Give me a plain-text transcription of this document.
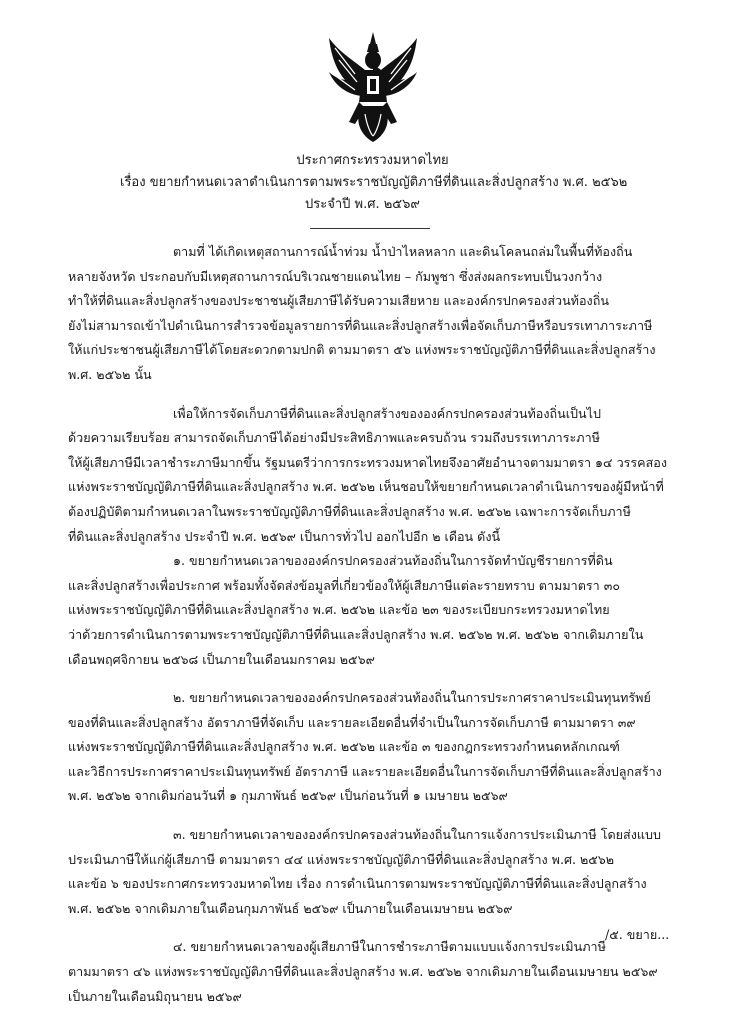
ประกาศกระทรวงมหาดไทย
เรื่อง ขยายกำหนดเวลาดำเนินการตามพระราชบัญญัติภาษีที่ดินและสิ่งปลูกสร้าง พ.ศ. ๒๕๖๒
ประจำปี พ.ศ. ๒๕๖๙

ตามที่ ได้เกิดเหตุสถานการณ์น้ำท่วม น้ำป่าไหลหลาก และดินโคลนถล่มในพื้นที่ท้องถิ่น

หลายจังหวัด ประกอบกับมีเหตุสถานการณ์บริเวณชายแดนไทย – กัมพูชา ซึ่งส่งผลกระทบเป็นวงกว้าง

ทำให้ที่ดินและสิ่งปลูกสร้างของประชาชนผู้เสียภาษีได้รับความเสียหาย และองค์กรปกครองส่วนท้องถิ่น

ยังไม่สามารถเข้าไปดำเนินการสำรวจข้อมูลรายการที่ดินและสิ่งปลูกสร้างเพื่อจัดเก็บภาษีหรือบรรเทาภาระภาษี

ให้แก่ประชาชนผู้เสียภาษีได้โดยสะดวกตามปกติ ตามมาตรา ๕๖ แห่งพระราชบัญญัติภาษีที่ดินและสิ่งปลูกสร้าง

พ.ศ. ๒๕๖๒ นั้น

เพื่อให้การจัดเก็บภาษีที่ดินและสิ่งปลูกสร้างขององค์กรปกครองส่วนท้องถิ่นเป็นไป

ด้วยความเรียบร้อย สามารถจัดเก็บภาษีได้อย่างมีประสิทธิภาพและครบถ้วน รวมถึงบรรเทาภาระภาษี

ให้ผู้เสียภาษีมีเวลาชำระภาษีมากขึ้น รัฐมนตรีว่าการกระทรวงมหาดไทยจึงอาศัยอำนาจตามมาตรา ๑๔ วรรคสอง

แห่งพระราชบัญญัติภาษีที่ดินและสิ่งปลูกสร้าง พ.ศ. ๒๕๖๒ เห็นชอบให้ขยายกำหนดเวลาดำเนินการของผู้มีหน้าที่

ต้องปฏิบัติตามกำหนดเวลาในพระราชบัญญัติภาษีที่ดินและสิ่งปลูกสร้าง พ.ศ. ๒๕๖๒ เฉพาะการจัดเก็บภาษี

ที่ดินและสิ่งปลูกสร้าง ประจำปี พ.ศ. ๒๕๖๙ เป็นการทั่วไป ออกไปอีก ๒ เดือน ดังนี้

๑. ขยายกำหนดเวลาขององค์กรปกครองส่วนท้องถิ่นในการจัดทำบัญชีรายการที่ดิน

และสิ่งปลูกสร้างเพื่อประกาศ พร้อมทั้งจัดส่งข้อมูลที่เกี่ยวข้องให้ผู้เสียภาษีแต่ละรายทราบ ตามมาตรา ๓๐

แห่งพระราชบัญญัติภาษีที่ดินและสิ่งปลูกสร้าง พ.ศ. ๒๕๖๒ และข้อ ๒๓ ของระเบียบกระทรวงมหาดไทย

ว่าด้วยการดำเนินการตามพระราชบัญญัติภาษีที่ดินและสิ่งปลูกสร้าง พ.ศ. ๒๕๖๒ พ.ศ. ๒๕๖๒ จากเดิมภายใน

เดือนพฤศจิกายน ๒๕๖๘ เป็นภายในเดือนมกราคม ๒๕๖๙

๒. ขยายกำหนดเวลาขององค์กรปกครองส่วนท้องถิ่นในการประกาศราคาประเมินทุนทรัพย์

ของที่ดินและสิ่งปลูกสร้าง อัตราภาษีที่จัดเก็บ และรายละเอียดอื่นที่จำเป็นในการจัดเก็บภาษี ตามมาตรา ๓๙

แห่งพระราชบัญญัติภาษีที่ดินและสิ่งปลูกสร้าง พ.ศ. ๒๕๖๒ และข้อ ๓ ของกฎกระทรวงกำหนดหลักเกณฑ์

และวิธีการประกาศราคาประเมินทุนทรัพย์ อัตราภาษี และรายละเอียดอื่นในการจัดเก็บภาษีที่ดินและสิ่งปลูกสร้าง

พ.ศ. ๒๕๖๒ จากเดิมก่อนวันที่ ๑ กุมภาพันธ์ ๒๕๖๙ เป็นก่อนวันที่ ๑ เมษายน ๒๕๖๙

๓. ขยายกำหนดเวลาขององค์กรปกครองส่วนท้องถิ่นในการแจ้งการประเมินภาษี โดยส่งแบบ

ประเมินภาษีให้แก่ผู้เสียภาษี ตามมาตรา ๔๔ แห่งพระราชบัญญัติภาษีที่ดินและสิ่งปลูกสร้าง พ.ศ. ๒๕๖๒

และข้อ ๖ ของประกาศกระทรวงมหาดไทย เรื่อง การดำเนินการตามพระราชบัญญัติภาษีที่ดินและสิ่งปลูกสร้าง

พ.ศ. ๒๕๖๒ จากเดิมภายในเดือนกุมภาพันธ์ ๒๕๖๙ เป็นภายในเดือนเมษายน ๒๕๖๙

๔. ขยายกำหนดเวลาของผู้เสียภาษีในการชำระภาษีตามแบบแจ้งการประเมินภาษี

ตามมาตรา ๔๖ แห่งพระราชบัญญัติภาษีที่ดินและสิ่งปลูกสร้าง พ.ศ. ๒๕๖๒ จากเดิมภายในเดือนเมษายน ๒๕๖๙

เป็นภายในเดือนมิถุนายน ๒๕๖๙

/๕. ขยาย...
